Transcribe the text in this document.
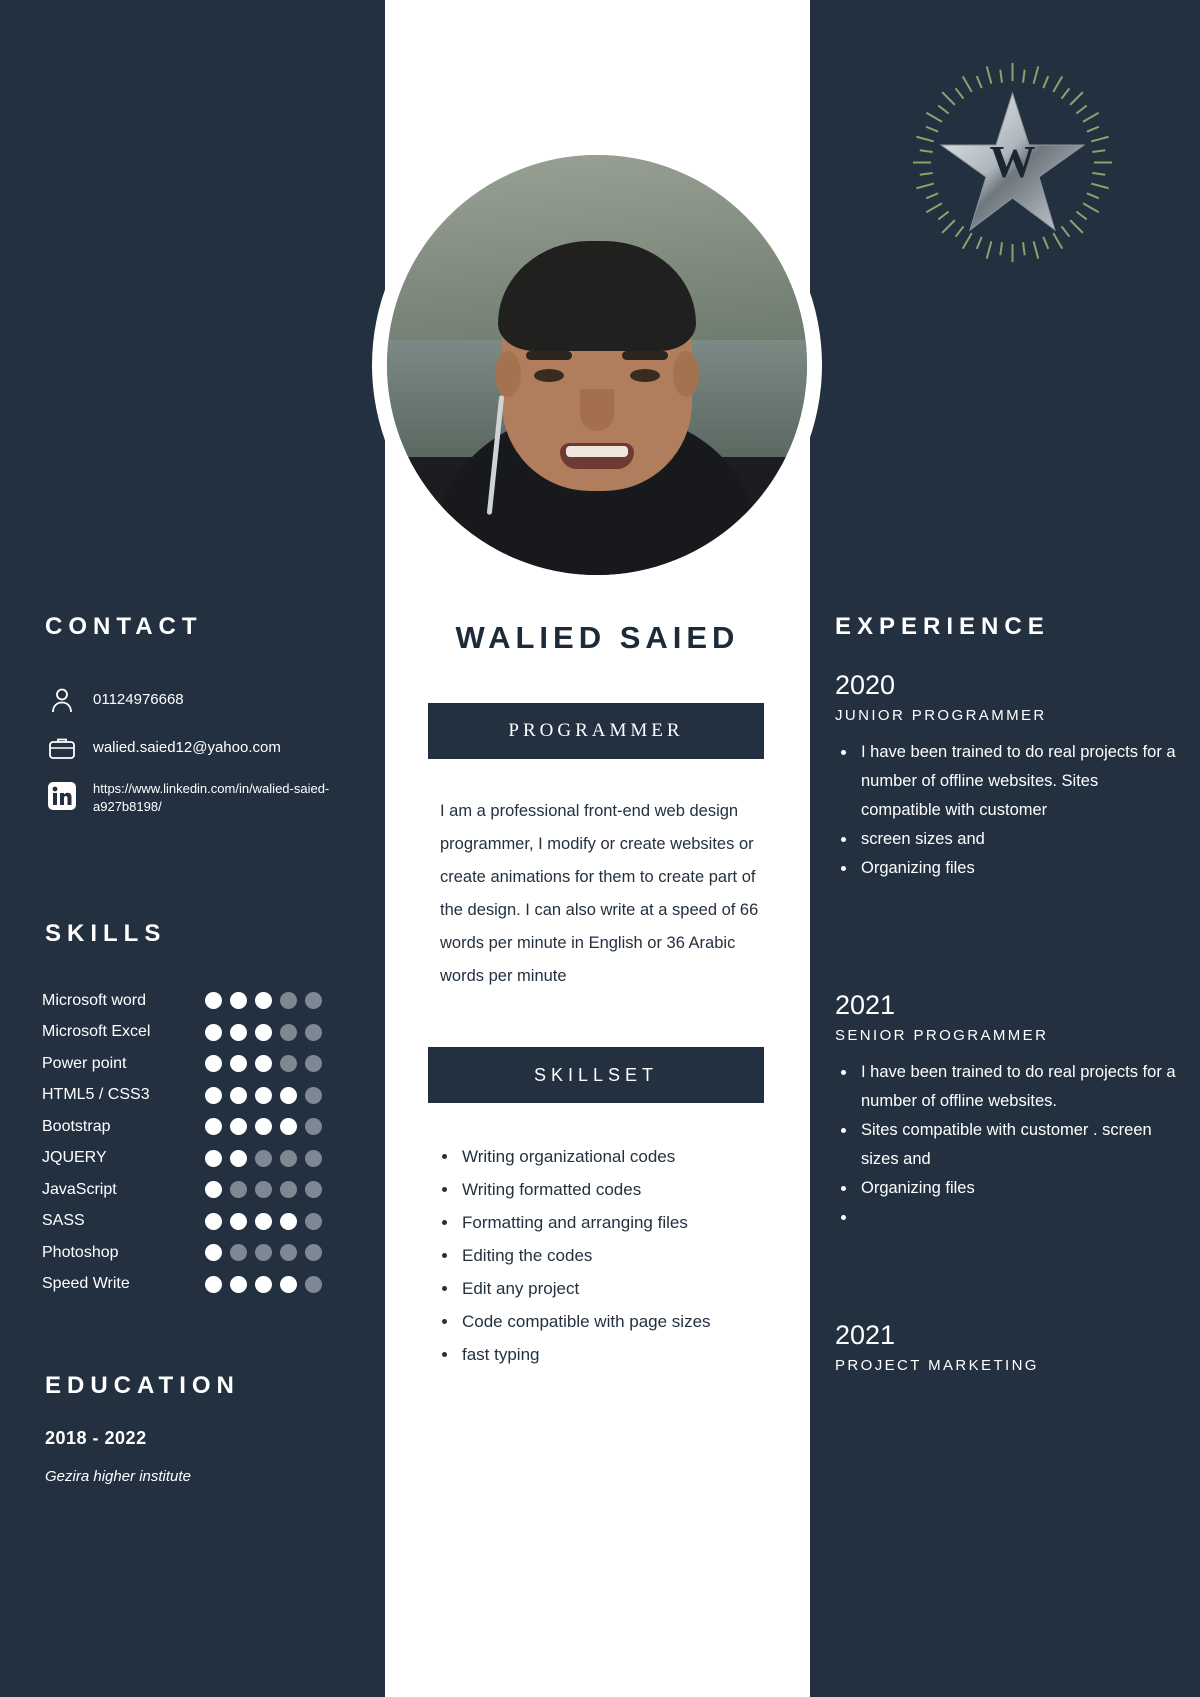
W
WALIED SAIED
PROGRAMMER
I am a professional front-end web design programmer, I modify or create websites or create animations for them to create part of the design. I can also write at a speed of 66 words per minute in English or 36 Arabic words per minute
SKILLSET
Writing organizational codes
Writing formatted codes
Formatting and arranging files
Editing the codes
Edit any project
Code compatible with page sizes
fast typing
CONTACT
01124976668
walied.saied12@yahoo.com
https://www.linkedin.com/in/walied-saied-a927b8198/
SKILLS
Microsoft word
Microsoft Excel
Power point
HTML5 / CSS3
Bootstrap
JQUERY
JavaScript
SASS
Photoshop
Speed Write
EDUCATION
2018 - 2022
Gezira higher institute
EXPERIENCE
2020
JUNIOR PROGRAMMER
I have been trained to do real projects for a number of offline websites. Sites compatible with customer
screen sizes and
Organizing files
2021
SENIOR PROGRAMMER
I have been trained to do real projects for a number of offline websites.
Sites compatible with customer . screen sizes and
Organizing files
2021
PROJECT MARKETING
